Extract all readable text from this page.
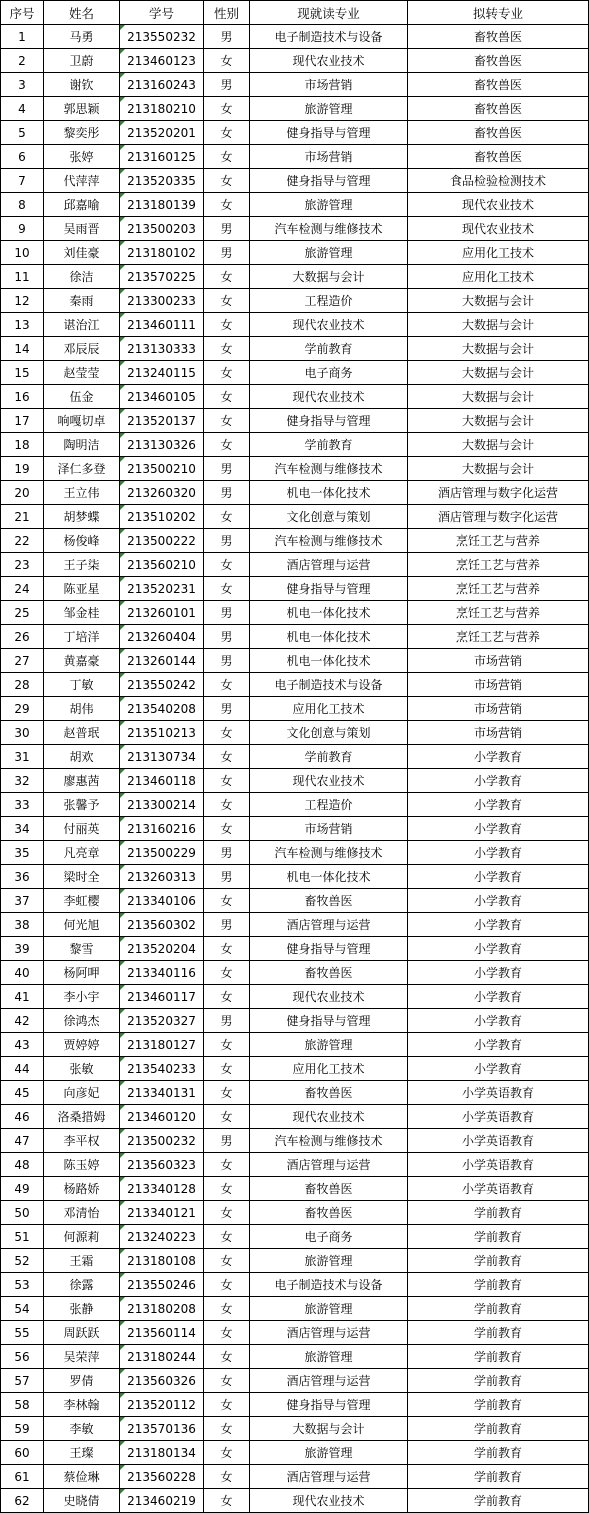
序号	姓名	学号	性别	现就读专业	拟转专业
1	马勇	213550232	男	电子制造技术与设备	畜牧兽医
2	卫蔚	213460123	女	现代农业技术	畜牧兽医
3	谢钦	213160243	男	市场营销	畜牧兽医
4	郭思颖	213180210	女	旅游管理	畜牧兽医
5	黎奕彤	213520201	女	健身指导与管理	畜牧兽医
6	张婷	213160125	女	市场营销	畜牧兽医
7	代萍萍	213520335	女	健身指导与管理	食品检验检测技术
8	邱嘉喻	213180139	女	旅游管理	现代农业技术
9	吴雨晋	213500203	男	汽车检测与维修技术	现代农业技术
10	刘佳豪	213180102	男	旅游管理	应用化工技术
11	徐洁	213570225	女	大数据与会计	应用化工技术
12	秦雨	213300233	女	工程造价	大数据与会计
13	谌治江	213460111	女	现代农业技术	大数据与会计
14	邓辰辰	213130333	女	学前教育	大数据与会计
15	赵莹莹	213240115	女	电子商务	大数据与会计
16	伍金	213460105	女	现代农业技术	大数据与会计
17	响嘎切卓	213520137	女	健身指导与管理	大数据与会计
18	陶明洁	213130326	女	学前教育	大数据与会计
19	泽仁多登	213500210	男	汽车检测与维修技术	大数据与会计
20	王立伟	213260320	男	机电一体化技术	酒店管理与数字化运营
21	胡梦蝶	213510202	女	文化创意与策划	酒店管理与数字化运营
22	杨俊峰	213500222	男	汽车检测与维修技术	烹饪工艺与营养
23	王子柒	213560210	女	酒店管理与运营	烹饪工艺与营养
24	陈亚星	213520231	女	健身指导与管理	烹饪工艺与营养
25	邹金桂	213260101	男	机电一体化技术	烹饪工艺与营养
26	丁培洋	213260404	男	机电一体化技术	烹饪工艺与营养
27	黄嘉豪	213260144	男	机电一体化技术	市场营销
28	丁敏	213550242	女	电子制造技术与设备	市场营销
29	胡伟	213540208	男	应用化工技术	市场营销
30	赵普珉	213510213	女	文化创意与策划	市场营销
31	胡欢	213130734	女	学前教育	小学教育
32	廖惠茜	213460118	女	现代农业技术	小学教育
33	张馨予	213300214	女	工程造价	小学教育
34	付丽英	213160216	女	市场营销	小学教育
35	凡亮章	213500229	男	汽车检测与维修技术	小学教育
36	梁时全	213260313	男	机电一体化技术	小学教育
37	李虹樱	213340106	女	畜牧兽医	小学教育
38	何光旭	213560302	男	酒店管理与运营	小学教育
39	黎雪	213520204	女	健身指导与管理	小学教育
40	杨阿呷	213340116	女	畜牧兽医	小学教育
41	李小宇	213460117	女	现代农业技术	小学教育
42	徐鸿杰	213520327	男	健身指导与管理	小学教育
43	贾婷婷	213180127	女	旅游管理	小学教育
44	张敏	213540233	女	应用化工技术	小学教育
45	向彦妃	213340131	女	畜牧兽医	小学英语教育
46	洛桑措姆	213460120	女	现代农业技术	小学英语教育
47	李平权	213500232	男	汽车检测与维修技术	小学英语教育
48	陈玉婷	213560323	女	酒店管理与运营	小学英语教育
49	杨路娇	213340128	女	畜牧兽医	小学英语教育
50	邓清怡	213340121	女	畜牧兽医	学前教育
51	何源莉	213240223	女	电子商务	学前教育
52	王霜	213180108	女	旅游管理	学前教育
53	徐露	213550246	女	电子制造技术与设备	学前教育
54	张静	213180208	女	旅游管理	学前教育
55	周跃跃	213560114	女	酒店管理与运营	学前教育
56	吴荣萍	213180244	女	旅游管理	学前教育
57	罗倩	213560326	女	酒店管理与运营	学前教育
58	李林翰	213520112	女	健身指导与管理	学前教育
59	李敏	213570136	女	大数据与会计	学前教育
60	王璨	213180134	女	旅游管理	学前教育
61	蔡俭琳	213560228	女	酒店管理与运营	学前教育
62	史晓倩	213460219	女	现代农业技术	学前教育
